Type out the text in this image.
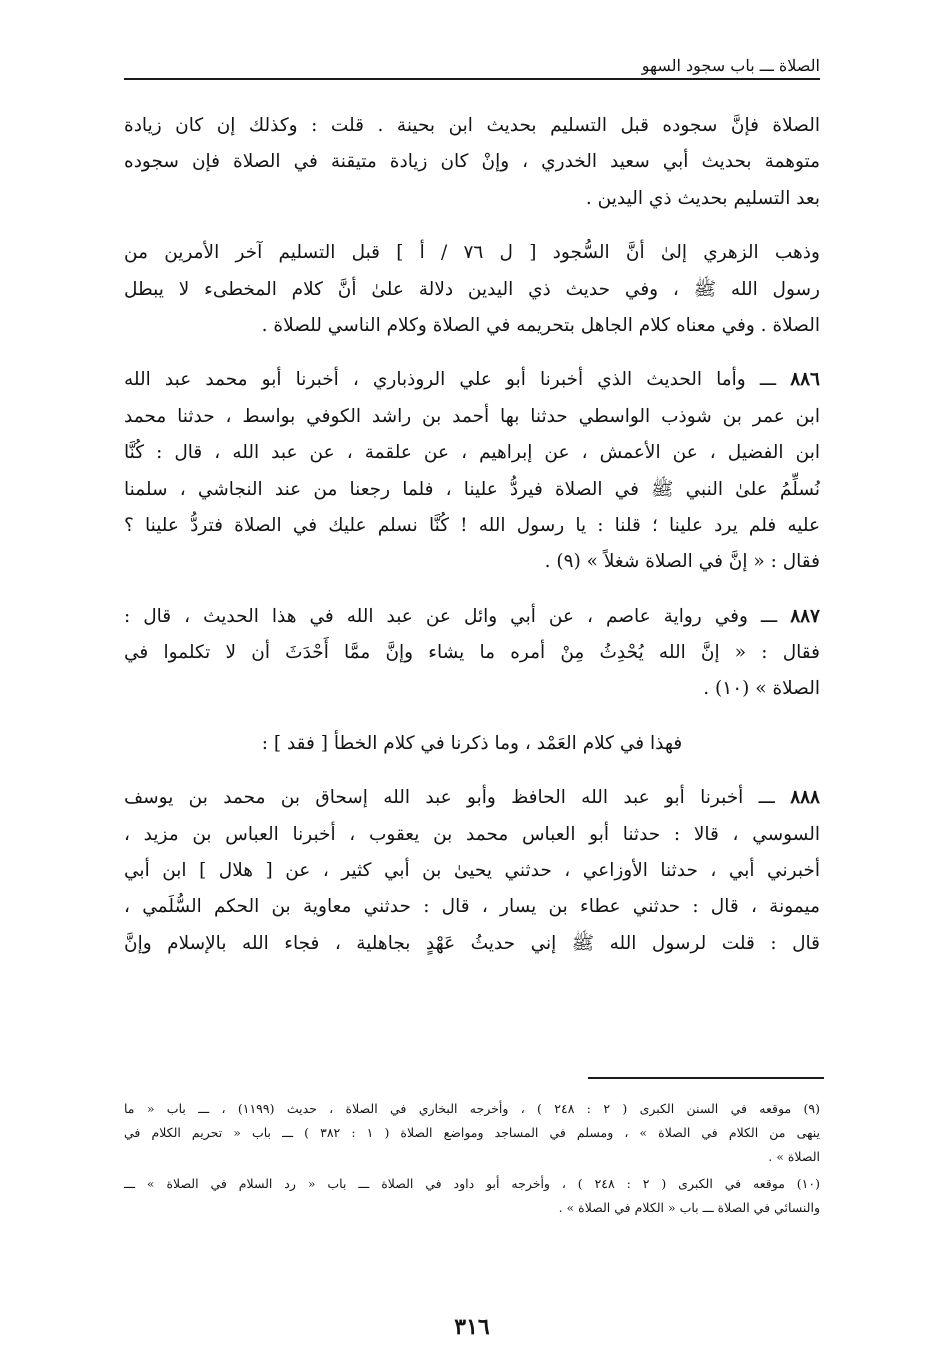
الصلاة ـــ باب سجود السهو
الصلاة فإنَّ سجوده قبل التسليم بحديث ابن بحينة . قلت : وكذلك إن كان زيادة
متوهمة بحديث أبي سعيد الخدري ، وإنْ كان زيادة متيقنة في الصلاة فإن سجوده
بعد التسليم بحديث ذي اليدين .
وذهب الزهري إلىٰ أنَّ السُّجود [ ل ٧٦ / أ ] قبل التسليم آخر الأمرين من
رسول الله ﷺ ، وفي حديث ذي اليدين دلالة علىٰ أنَّ كلام المخطىء لا يبطل
الصلاة . وفي معناه كلام الجاهل بتحريمه في الصلاة وكلام الناسي للصلاة .
٨٨٦ ـــ وأما الحديث الذي أخبرنا أبو علي الروذباري ، أخبرنا أبو محمد عبد الله
ابن عمر بن شوذب الواسطي حدثنا بها أحمد بن راشد الكوفي بواسط ، حدثنا محمد
ابن الفضيل ، عن الأعمش ، عن إبراهيم ، عن علقمة ، عن عبد الله ، قال : كُنَّا
نُسلِّمُ علىٰ النبي ﷺ في الصلاة فيردُّ علينا ، فلما رجعنا من عند النجاشي ، سلمنا
عليه فلم يرد علينا ؛ قلنا : يا رسول الله ! كُنَّا نسلم عليك في الصلاة فتردُّ علينا ؟
فقال : « إنَّ في الصلاة شغلاً » (٩) .
٨٨٧ ـــ وفي رواية عاصم ، عن أبي وائل عن عبد الله في هذا الحديث ، قال :
فقال : « إنَّ الله يُحْدِثُ مِنْ أمره ما يشاء وإنَّ ممَّا أَحْدَثَ أن لا تكلموا في
الصلاة » (١٠) .
فهذا في كلام العَمْد ، وما ذكرنا في كلام الخطأ [ فقد ] :
٨٨٨ ـــ أخبرنا أبو عبد الله الحافظ وأبو عبد الله إسحاق بن محمد بن يوسف
السوسي ، قالا : حدثنا أبو العباس محمد بن يعقوب ، أخبرنا العباس بن مزيد ،
أخبرني أبي ، حدثنا الأوزاعي ، حدثني يحيىٰ بن أبي كثير ، عن [ هلال ] ابن أبي
ميمونة ، قال : حدثني عطاء بن يسار ، قال : حدثني معاوية بن الحكم السُّلَمي ،
قال : قلت لرسول الله ﷺ إني حديثُ عَهْدٍ بجاهلية ، فجاء الله بالإسلام وإنَّ
(٩) موقعه في السنن الكبرى ( ٢ : ٢٤٨ ) ، وأخرجه البخاري في الصلاة ، حديث (١١٩٩) ، ـــ باب « ما
ينهى من الكلام في الصلاة » ، ومسلم في المساجد ومواضع الصلاة ( ١ : ٣٨٢ ) ـــ باب « تحريم الكلام في
الصلاة » .
(١٠) موقعه في الكبرى ( ٢ : ٢٤٨ ) ، وأخرجه أبو داود في الصلاة ـــ باب « رد السلام في الصلاة » ـــ
والنسائي في الصلاة ـــ باب « الكلام في الصلاة » .
٣١٦
